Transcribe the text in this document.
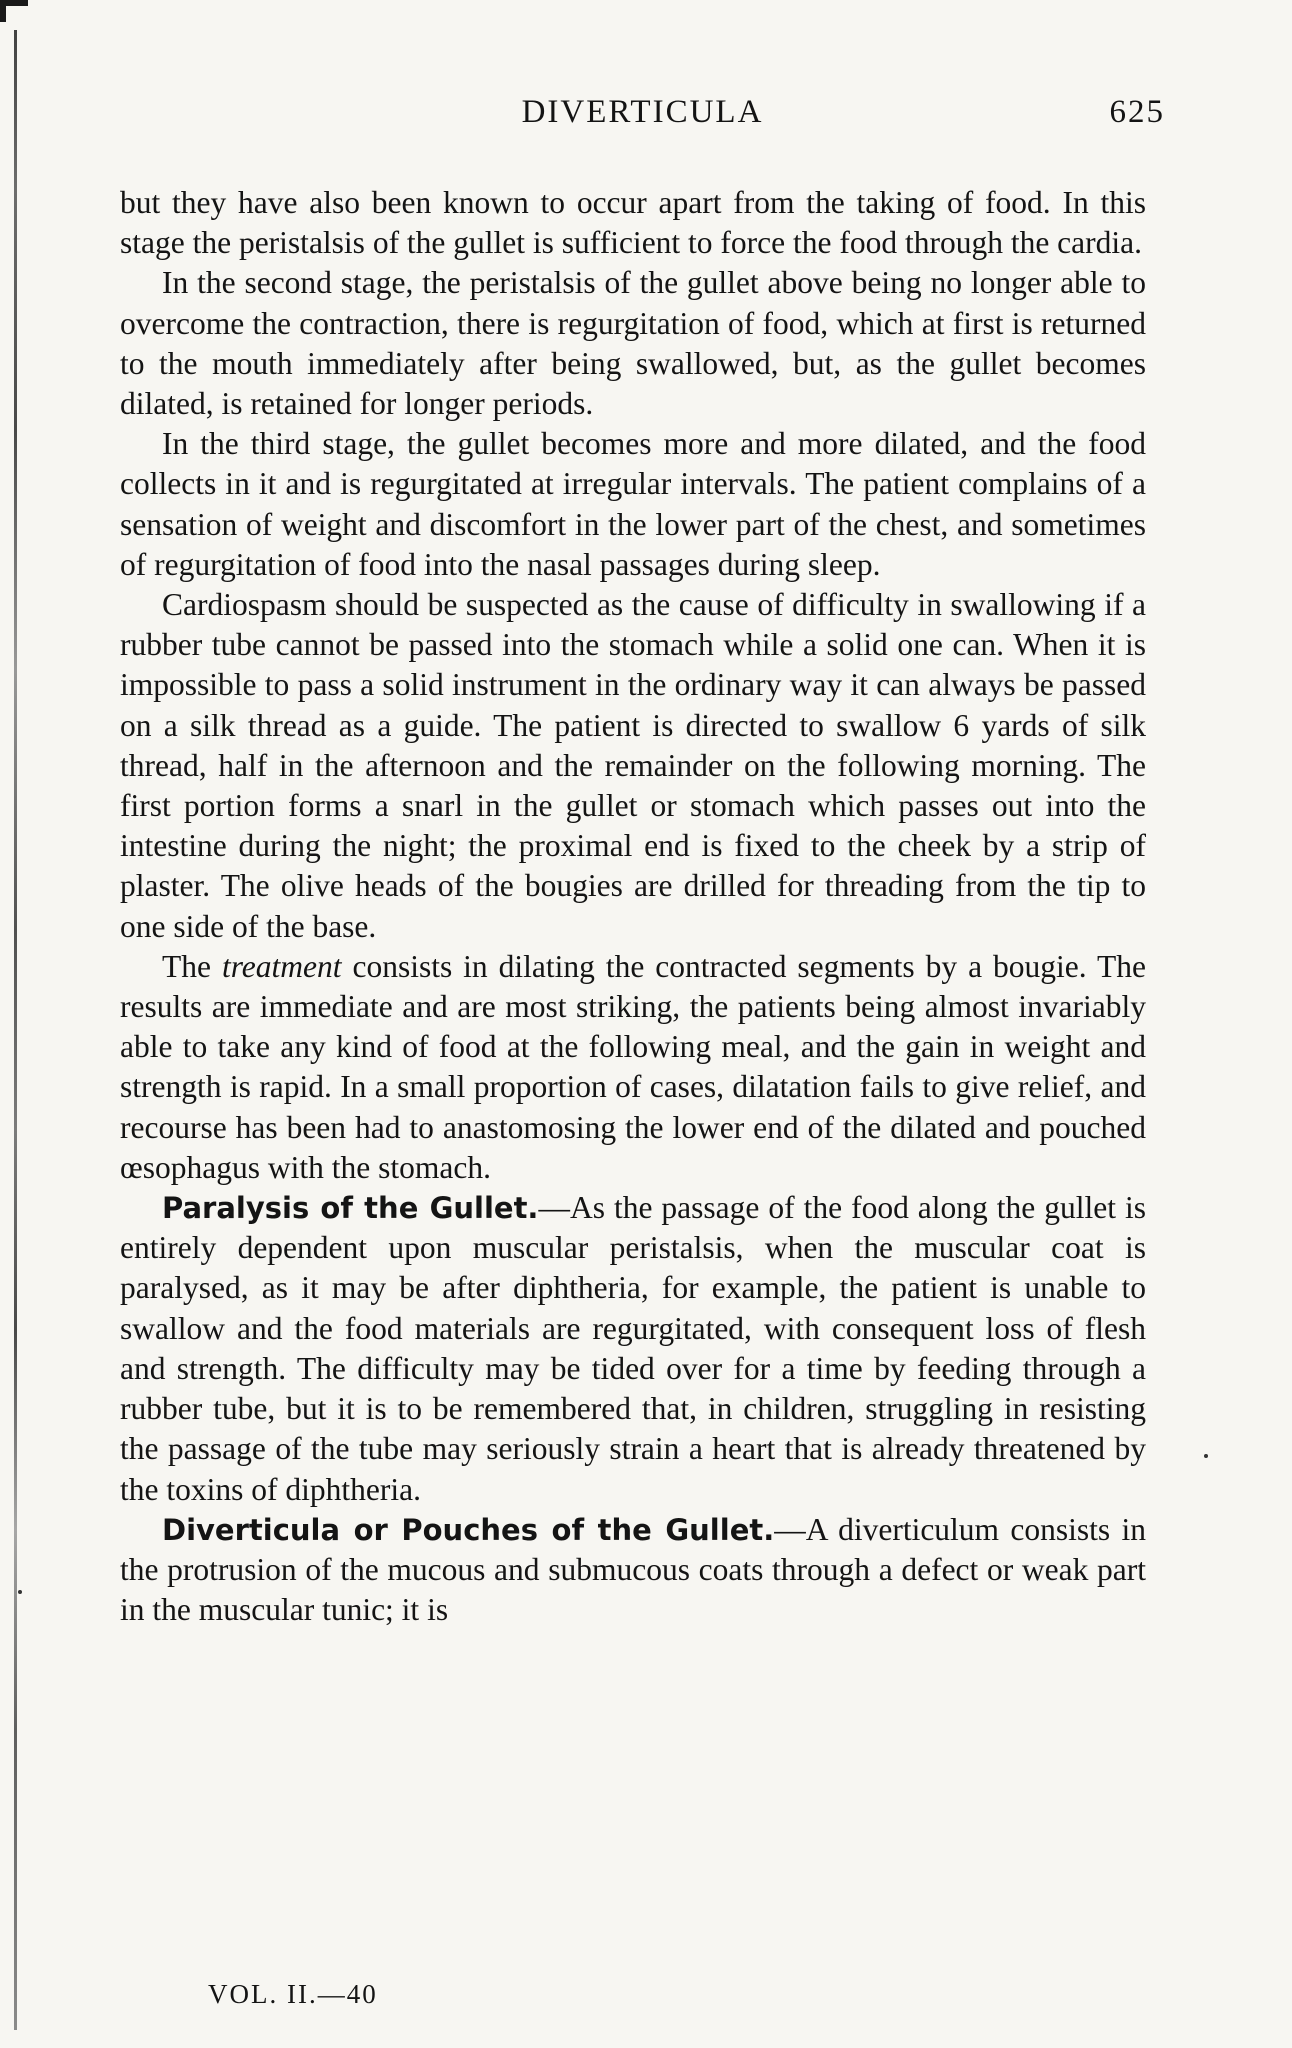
DIVERTICULA	625

but they have also been known to occur apart from the taking of food. In this stage the peristalsis of the gullet is sufficient to force the food through the cardia.

In the second stage, the peristalsis of the gullet above being no longer able to overcome the contraction, there is regurgitation of food, which at first is returned to the mouth immediately after being swallowed, but, as the gullet becomes dilated, is retained for longer periods.

In the third stage, the gullet becomes more and more dilated, and the food collects in it and is regurgitated at irregular intervals. The patient complains of a sensation of weight and discomfort in the lower part of the chest, and sometimes of regurgitation of food into the nasal passages during sleep.

Cardiospasm should be suspected as the cause of difficulty in swallowing if a rubber tube cannot be passed into the stomach while a solid one can. When it is impossible to pass a solid instrument in the ordinary way it can always be passed on a silk thread as a guide. The patient is directed to swallow 6 yards of silk thread, half in the afternoon and the remainder on the following morning. The first portion forms a snarl in the gullet or stomach which passes out into the intestine during the night; the proximal end is fixed to the cheek by a strip of plaster. The olive heads of the bougies are drilled for threading from the tip to one side of the base.

The treatment consists in dilating the contracted segments by a bougie. The results are immediate and are most striking, the patients being almost invariably able to take any kind of food at the following meal, and the gain in weight and strength is rapid. In a small proportion of cases, dilatation fails to give relief, and recourse has been had to anastomosing the lower end of the dilated and pouched œsophagus with the stomach.

Paralysis of the Gullet.—As the passage of the food along the gullet is entirely dependent upon muscular peristalsis, when the muscular coat is paralysed, as it may be after diphtheria, for example, the patient is unable to swallow and the food materials are regurgitated, with consequent loss of flesh and strength. The difficulty may be tided over for a time by feeding through a rubber tube, but it is to be remembered that, in children, struggling in resisting the passage of the tube may seriously strain a heart that is already threatened by the toxins of diphtheria.

Diverticula or Pouches of the Gullet.—A diverticulum consists in the protrusion of the mucous and submucous coats through a defect or weak part in the muscular tunic; it is

VOL. II.—40
